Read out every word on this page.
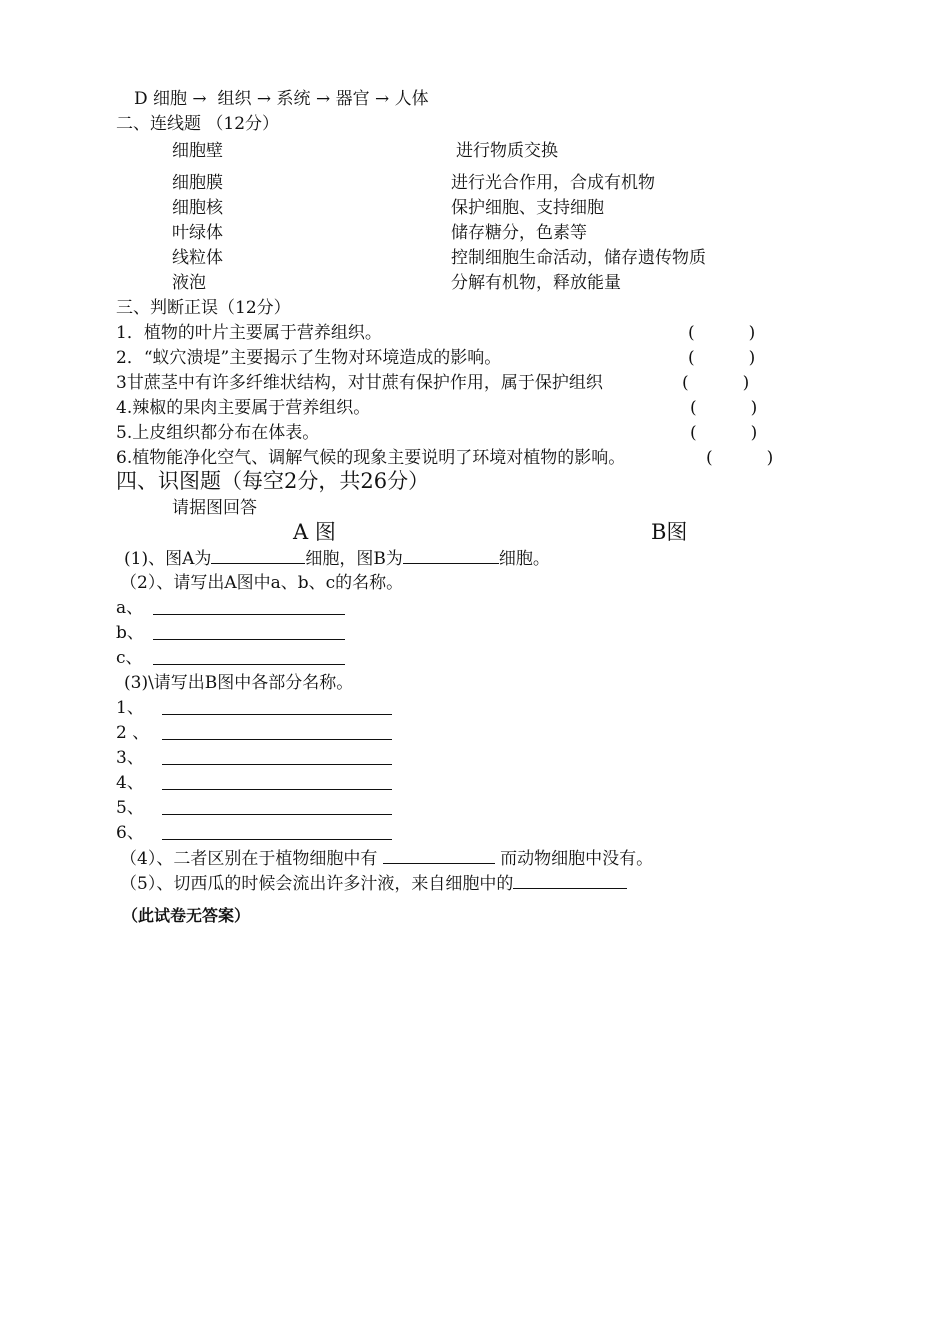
D 细胞 →  组织 → 系统 → 器官 → 人体
二、连线题 （12分）
细胞壁	进行物质交换
细胞膜	进行光合作用，合成有机物
细胞核	保护细胞、支持细胞
叶绿体	储存糖分，色素等
线粒体	控制细胞生命活动，储存遗传物质
液泡	分解有机物，释放能量
三、判断正误（12分）
1．植物的叶片主要属于营养组织。	(          )
2．“蚁穴溃堤”主要揭示了生物对环境造成的影响。	(          )
3甘蔗茎中有许多纤维状结构，对甘蔗有保护作用，属于保护组织	(          )
4.辣椒的果肉主要属于营养组织。	(          )
5.上皮组织都分布在体表。	(          )
6.植物能净化空气、调解气候的现象主要说明了环境对植物的影响。	(          )
四、识图题（每空2分，共26分）
请据图回答
A 图	B图
(1)、图A为	细胞，图B为	细胞。
（2）、请写出A图中a、b、c的名称。
a、
b、
c、
(3)\请写出B图中各部分名称。
1、
2 、
3、
4、
5、
6、
（4）、二者区别在于植物细胞中有	而动物细胞中没有。
（5）、切西瓜的时候会流出许多汁液，来自细胞中的
（此试卷无答案）
